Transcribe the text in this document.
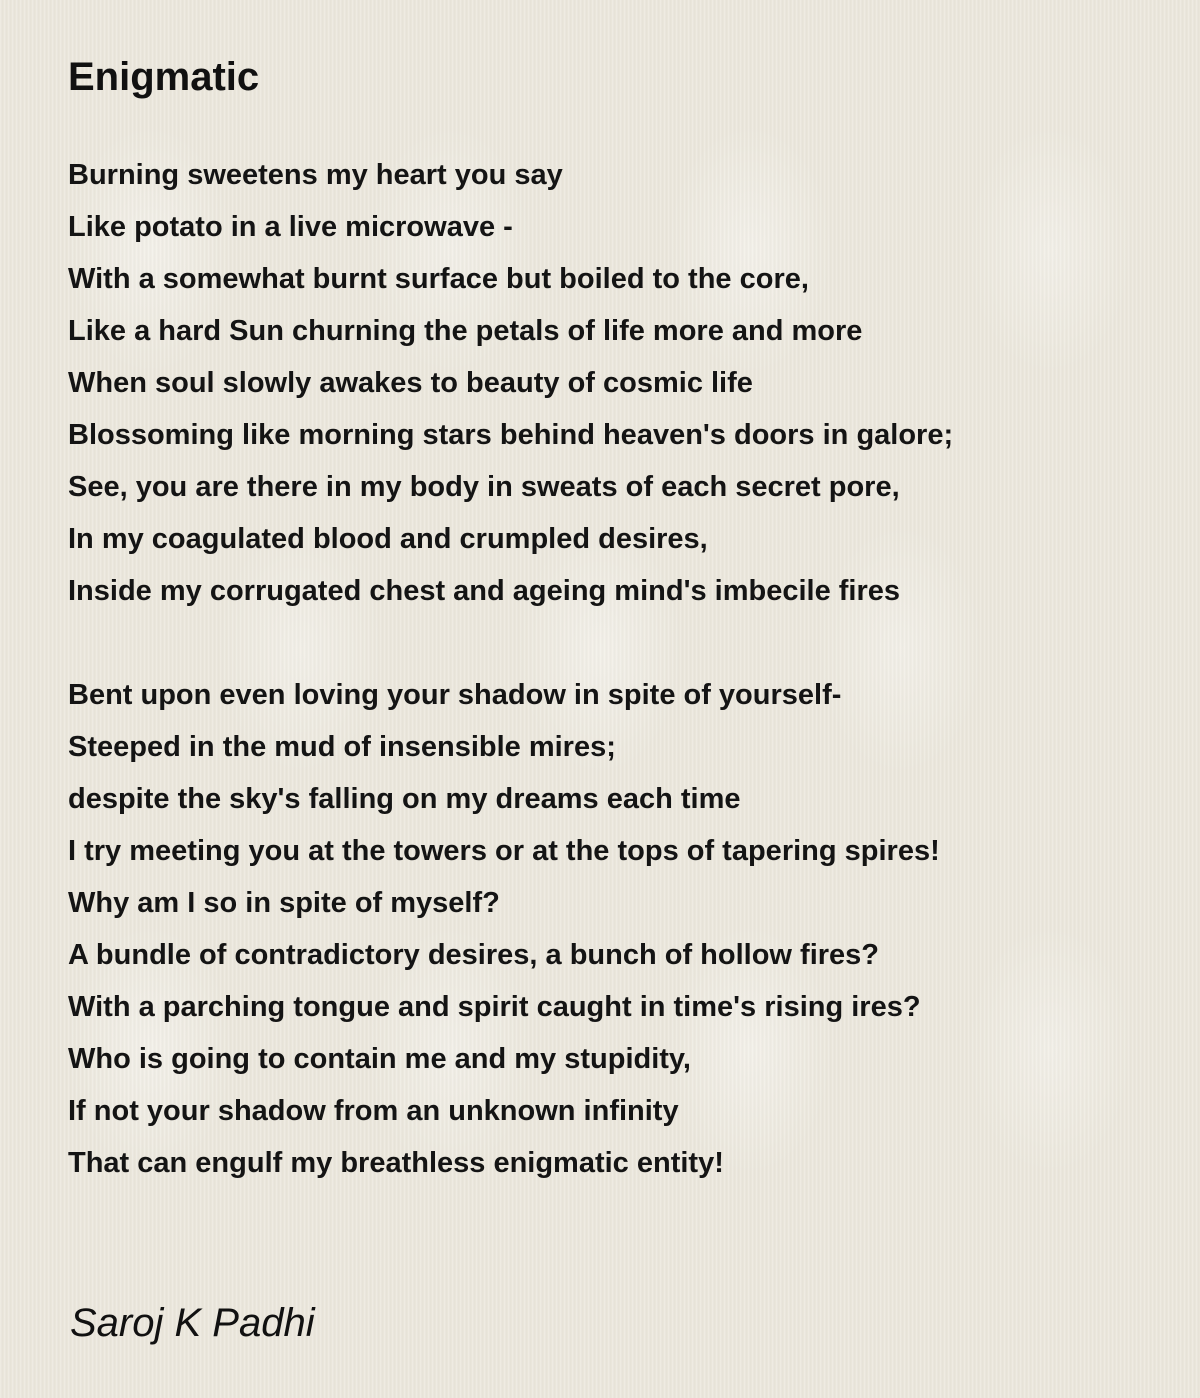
Enigmatic
Burning sweetens my heart you say
Like potato in a live microwave -
With a somewhat burnt surface but boiled to the core,
Like a hard Sun churning the petals of life more and more
When soul slowly awakes to beauty of cosmic life
Blossoming like morning stars behind heaven's doors in galore;
See, you are there in my body in sweats of each secret pore,
In my coagulated blood and crumpled desires,
Inside my corrugated chest and ageing mind's imbecile fires
Bent upon even loving your shadow in spite of yourself-
Steeped in the mud of insensible mires;
despite the sky's falling on my dreams each time
I try meeting you at the towers or at the tops of tapering spires!
Why am I so in spite of myself?
A bundle of contradictory desires, a bunch of hollow fires?
With a parching tongue and spirit caught in time's rising ires?
Who is going to contain me and my stupidity,
If not your shadow from an unknown infinity
That can engulf my breathless enigmatic entity!

Saroj K Padhi
